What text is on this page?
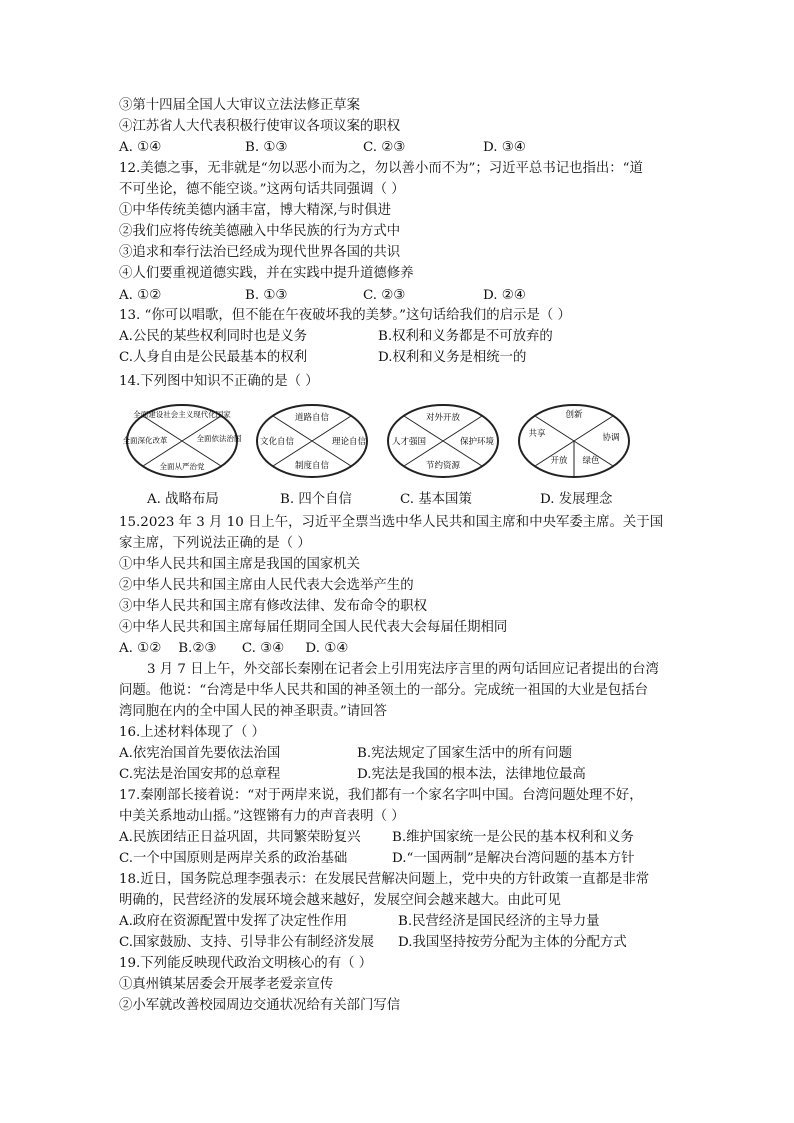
③第十四届全国人大审议立法法修正草案
④江苏省人大代表积极行使审议各项议案的职权
A. ①④	B. ①③	C. ②③	D. ③④
12.美德之事，无非就是“勿以恶小而为之，勿以善小而不为”；习近平总书记也指出：“道
不可坐论，德不能空谈。”这两句话共同强调（ ）
①中华传统美德内涵丰富，博大精深,与时俱进
②我们应将传统美德融入中华民族的行为方式中
③追求和奉行法治已经成为现代世界各国的共识
④人们要重视道德实践，并在实践中提升道德修养
A. ①②	B. ①③	C. ②③	D. ②④
13. “你可以唱歌，但不能在午夜破坏我的美梦。”这句话给我们的启示是（ ）
A.公民的某些权利同时也是义务	B.权利和义务都是不可放弃的
C.人身自由是公民最基本的权利	D.权利和义务是相统一的
14.下列图中知识不正确的是（ ）
全面建设社会主义现代化国家
全面依法治国
全面从严治党
全面深化改革
道路自信
理论自信
制度自信
文化自信
对外开放
保护环境
节约资源
人才强国
创新
协调
绿色
开放
共享
A. 战略布局	B. 四个自信	C. 基本国策	D. 发展理念
15.2023 年 3 月 10 日上午，习近平全票当选中华人民共和国主席和中央军委主席。关于国
家主席，下列说法正确的是（ ）
①中华人民共和国主席是我国的国家机关
②中华人民共和国主席由人民代表大会选举产生的
③中华人民共和国主席有修改法律、发布命令的职权
④中华人民共和国主席每届任期同全国人民代表大会每届任期相同
A. ①②    B.②③      C. ③④     D. ①④
3 月 7 日上午，外交部长秦刚在记者会上引用宪法序言里的两句话回应记者提出的台湾
问题。他说：“台湾是中华人民共和国的神圣领土的一部分。完成统一祖国的大业是包括台
湾同胞在内的全中国人民的神圣职责。”请回答
16.上述材料体现了（ ）
A.依宪治国首先要依法治国	B.宪法规定了国家生活中的所有问题
C.宪法是治国安邦的总章程	D.宪法是我国的根本法，法律地位最高
17.秦刚部长接着说：“对于两岸来说，我们都有一个家名字叫中国。台湾问题处理不好，
中美关系地动山摇。”这铿锵有力的声音表明（ ）
A.民族团结正日益巩固，共同繁荣盼复兴 B.维护国家统一是公民的基本权利和义务
C.一个中国原则是两岸关系的政治基础	D.“一国两制”是解决台湾问题的基本方针
18.近日，国务院总理李强表示：在发展民营解决问题上，党中央的方针政策一直都是非常
明确的，民营经济的发展环境会越来越好，发展空间会越来越大。由此可见
A.政府在资源配置中发挥了决定性作用	B.民营经济是国民经济的主导力量
C.国家鼓励、支持、引导非公有制经济发展 D.我国坚持按劳分配为主体的分配方式
19.下列能反映现代政治文明核心的有（ ）
①真州镇某居委会开展孝老爱亲宣传
②小军就改善校园周边交通状况给有关部门写信
